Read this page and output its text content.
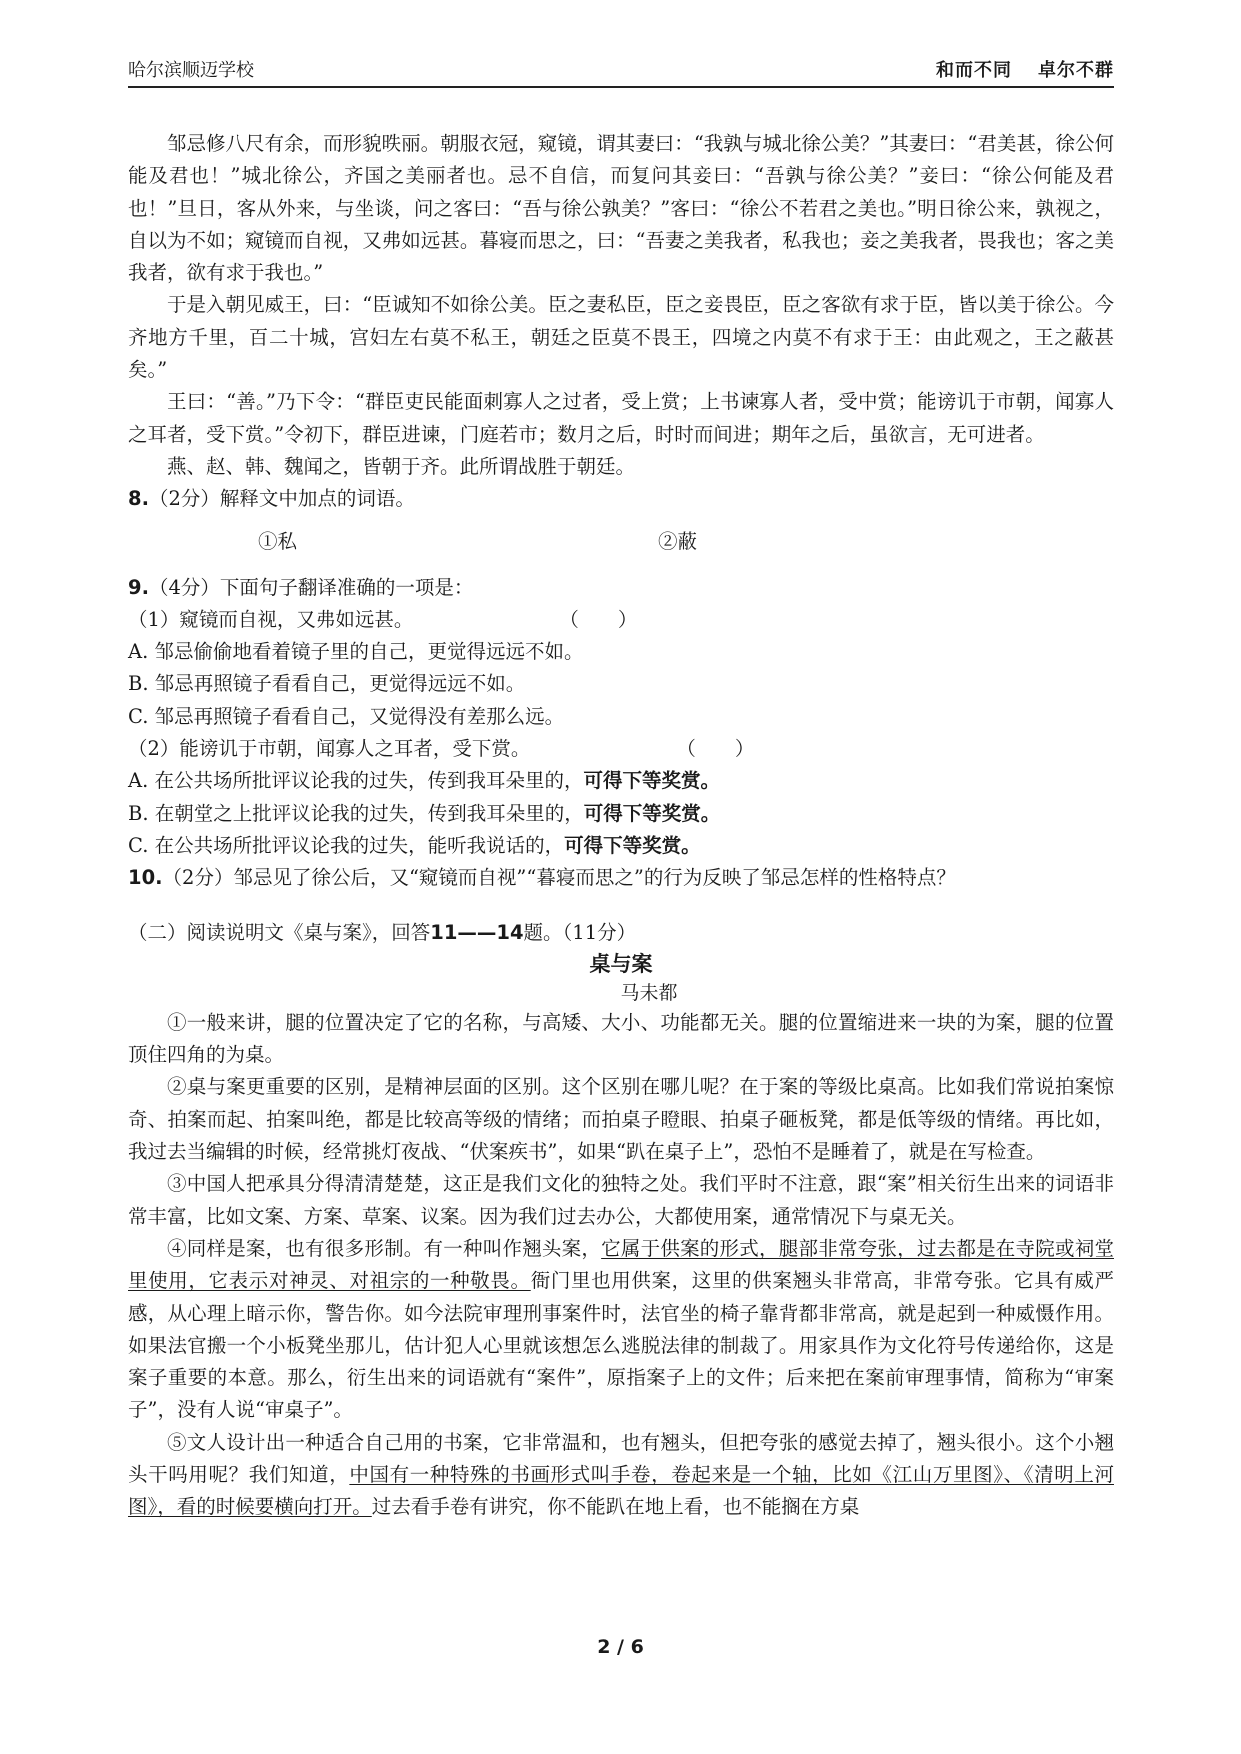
哈尔滨顺迈学校	和而不同 卓尔不群

邹忌修八尺有余，而形貌昳丽。朝服衣冠，窥镜，谓其妻曰：“我孰与城北徐公美？”其妻曰：“君美甚，徐公何能及君也！”城北徐公，齐国之美丽者也。忌不自信，而复问其妾曰：“吾孰与徐公美？”妾曰：“徐公何能及君也！”旦日，客从外来，与坐谈，问之客曰：“吾与徐公孰美？”客曰：“徐公不若君之美也。”明日徐公来，孰视之，自以为不如；窥镜而自视，又弗如远甚。暮寝而思之，曰：“吾妻之美我者，私我也；妾之美我者，畏我也；客之美我者，欲有求于我也。”

于是入朝见威王，曰：“臣诚知不如徐公美。臣之妻私臣，臣之妾畏臣，臣之客欲有求于臣，皆以美于徐公。今齐地方千里，百二十城，宫妇左右莫不私王，朝廷之臣莫不畏王，四境之内莫不有求于王：由此观之，王之蔽甚矣。”

王曰：“善。”乃下令：“群臣吏民能面刺寡人之过者，受上赏；上书谏寡人者，受中赏；能谤讥于市朝，闻寡人之耳者，受下赏。”令初下，群臣进谏，门庭若市；数月之后，时时而间进；期年之后，虽欲言，无可进者。

燕、赵、韩、魏闻之，皆朝于齐。此所谓战胜于朝廷。

8.（2分）解释文中加点的词语。

①私	②蔽

9.（4分）下面句子翻译准确的一项是：

（1）窥镜而自视，又弗如远甚。	（　　）

A. 邹忌偷偷地看着镜子里的自己，更觉得远远不如。

B. 邹忌再照镜子看看自己，更觉得远远不如。

C. 邹忌再照镜子看看自己，又觉得没有差那么远。

（2）能谤讥于市朝，闻寡人之耳者，受下赏。	（　　）

A. 在公共场所批评议论我的过失，传到我耳朵里的，可得下等奖赏。

B. 在朝堂之上批评议论我的过失，传到我耳朵里的，可得下等奖赏。

C. 在公共场所批评议论我的过失，能听我说话的，可得下等奖赏。

10.（2分）邹忌见了徐公后，又“窥镜而自视”“暮寝而思之”的行为反映了邹忌怎样的性格特点？

（二）阅读说明文《桌与案》，回答11——14题。（11分）

桌与案

马未都

①一般来讲，腿的位置决定了它的名称，与高矮、大小、功能都无关。腿的位置缩进来一块的为案，腿的位置顶住四角的为桌。

②桌与案更重要的区别，是精神层面的区别。这个区别在哪儿呢？在于案的等级比桌高。比如我们常说拍案惊奇、拍案而起、拍案叫绝，都是比较高等级的情绪；而拍桌子瞪眼、拍桌子砸板凳，都是低等级的情绪。再比如，我过去当编辑的时候，经常挑灯夜战、“伏案疾书”，如果“趴在桌子上”，恐怕不是睡着了，就是在写检查。

③中国人把承具分得清清楚楚，这正是我们文化的独特之处。我们平时不注意，跟“案”相关衍生出来的词语非常丰富，比如文案、方案、草案、议案。因为我们过去办公，大都使用案，通常情况下与桌无关。

④同样是案，也有很多形制。有一种叫作翘头案，它属于供案的形式，腿部非常夸张，过去都是在寺院或祠堂里使用，它表示对神灵、对祖宗的一种敬畏。衙门里也用供案，这里的供案翘头非常高，非常夸张。它具有威严感，从心理上暗示你，警告你。如今法院审理刑事案件时，法官坐的椅子靠背都非常高，就是起到一种威慑作用。如果法官搬一个小板凳坐那儿，估计犯人心里就该想怎么逃脱法律的制裁了。用家具作为文化符号传递给你，这是案子重要的本意。那么，衍生出来的词语就有“案件”，原指案子上的文件；后来把在案前审理事情，简称为“审案子”，没有人说“审桌子”。

⑤文人设计出一种适合自己用的书案，它非常温和，也有翘头，但把夸张的感觉去掉了，翘头很小。这个小翘头干吗用呢？我们知道，中国有一种特殊的书画形式叫手卷，卷起来是一个轴，比如《江山万里图》、《清明上河图》，看的时候要横向打开。过去看手卷有讲究，你不能趴在地上看，也不能搁在方桌

2 / 6
